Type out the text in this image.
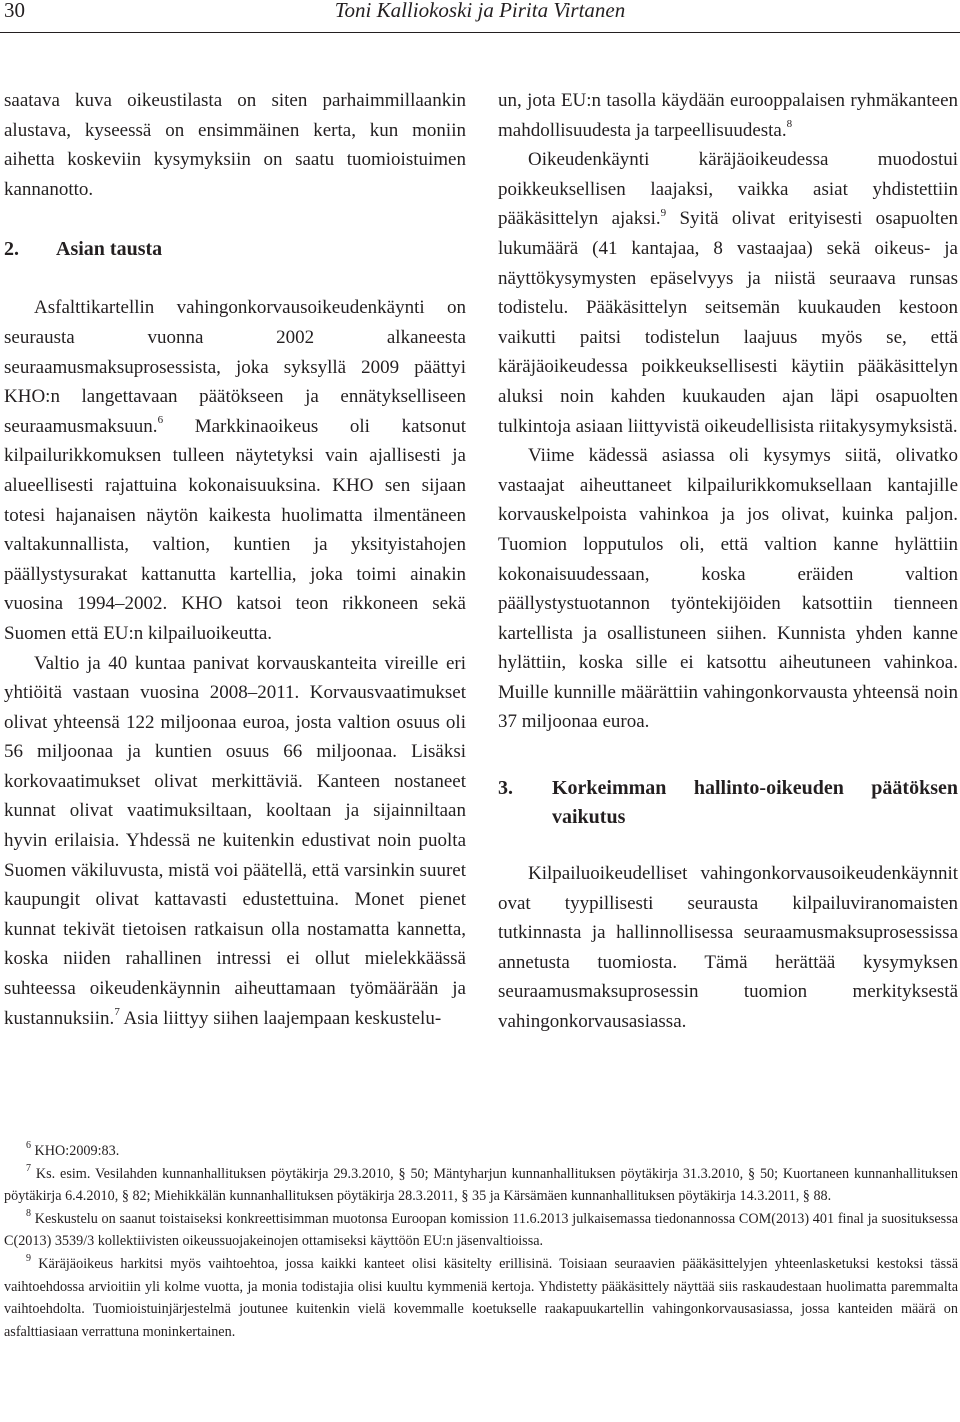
30	Toni Kalliokoski ja Pirita Virtanen

saatava kuva oikeustilasta on siten parhaimmillaankin alustava, kyseessä on ensimmäinen kerta, kun moniin aihetta koskeviin kysymyksiin on saatu tuomioistuimen kannanotto.

2. Asian tausta

Asfalttikartellin vahingonkorvausoikeudenkäynti on seurausta vuonna 2002 alkaneesta seuraamusmaksuprosessista, joka syksyllä 2009 päättyi KHO:n langettavaan päätökseen ja ennätykselliseen seuraamusmaksuun.$^6$ Markkinaoikeus oli katsonut kilpailurikkomuksen tulleen näytetyksi vain ajallisesti ja alueellisesti rajattuina kokonaisuuksina. KHO sen sijaan totesi hajanaisen näytön kaikesta huolimatta ilmentäneen valtakunnallista, valtion, kuntien ja yksityistahojen päällystysurakat kattanutta kartellia, joka toimi ainakin vuosina 1994–2002. KHO katsoi teon rikkoneen sekä Suomen että EU:n kilpailuoikeutta.

Valtio ja 40 kuntaa panivat korvauskanteita vireille eri yhtiöitä vastaan vuosina 2008–2011. Korvausvaatimukset olivat yhteensä 122 miljoonaa euroa, josta valtion osuus oli 56 miljoonaa ja kuntien osuus 66 miljoonaa. Lisäksi korkovaatimukset olivat merkittäviä. Kanteen nostaneet kunnat olivat vaatimuksiltaan, kooltaan ja sijainniltaan hyvin erilaisia. Yhdessä ne kuitenkin edustivat noin puolta Suomen väkiluvusta, mistä voi päätellä, että varsinkin suuret kaupungit olivat kattavasti edustettuina. Monet pienet kunnat tekivät tietoisen ratkaisun olla nostamatta kannetta, koska niiden rahallinen intressi ei ollut mielekkäässä suhteessa oikeudenkäynnin aiheuttamaan työmäärään ja kustannuksiin.$^7$ Asia liittyy siihen laajempaan keskustelu-

un, jota EU:n tasolla käydään eurooppalaisen ryhmäkanteen mahdollisuudesta ja tarpeellisuudesta.$^8$

Oikeudenkäynti käräjäoikeudessa muodostui poikkeuksellisen laajaksi, vaikka asiat yhdistettiin pääkäsittelyn ajaksi.$^9$ Syitä olivat erityisesti osapuolten lukumäärä (41 kantajaa, 8 vastaajaa) sekä oikeus- ja näyttökysymysten epäselvyys ja niistä seuraava runsas todistelu. Pääkäsittelyn seitsemän kuukauden kestoon vaikutti paitsi todistelun laajuus myös se, että käräjäoikeudessa poikkeuksellisesti käytiin pääkäsittelyn aluksi noin kahden kuukauden ajan läpi osapuolten tulkintoja asiaan liittyvistä oikeudellisista riitakysymyksistä.

Viime kädessä asiassa oli kysymys siitä, olivatko vastaajat aiheuttaneet kilpailurikkomuksellaan kantajille korvauskelpoista vahinkoa ja jos olivat, kuinka paljon. Tuomion lopputulos oli, että valtion kanne hylättiin kokonaisuudessaan, koska eräiden valtion päällystystuotannon työntekijöiden katsottiin tienneen kartellista ja osallistuneen siihen. Kunnista yhden kanne hylättiin, koska sille ei katsottu aiheutuneen vahinkoa. Muille kunnille määrättiin vahingonkorvausta yhteensä noin 37 miljoonaa euroa.

3.	Korkeimman hallinto-oikeuden päätöksen vaikutus

Kilpailuoikeudelliset vahingonkorvausoikeudenkäynnit ovat tyypillisesti seurausta kilpailuviranomaisten tutkinnasta ja hallinnollisessa seuraamusmaksuprosessissa annetusta tuomiosta. Tämä herättää kysymyksen seuraamusmaksuprosessin tuomion merkityksestä vahingonkorvausasiassa.

$^6$ KHO:2009:83.

$^7$ Ks. esim. Vesilahden kunnanhallituksen pöytäkirja 29.3.2010, § 50; Mäntyharjun kunnanhallituksen pöytäkirja 31.3.2010, § 50; Kuortaneen kunnanhallituksen pöytäkirja 6.4.2010, § 82; Miehikkälän kunnanhallituksen pöytäkirja 28.3.2011, § 35 ja Kärsämäen kunnanhallituksen pöytäkirja 14.3.2011, § 88.

$^8$ Keskustelu on saanut toistaiseksi konkreettisimman muotonsa Euroopan komission 11.6.2013 julkaisemassa tiedonannossa COM(2013) 401 final ja suosituksessa C(2013) 3539/3 kollektiivisten oikeussuojakeinojen ottamiseksi käyttöön EU:n jäsenvaltioissa.

$^9$ Käräjäoikeus harkitsi myös vaihtoehtoa, jossa kaikki kanteet olisi käsitelty erillisinä. Toisiaan seuraavien pääkäsittelyjen yhteenlasketuksi kestoksi tässä vaihtoehdossa arvioitiin yli kolme vuotta, ja monia todistajia olisi kuultu kymmeniä kertoja. Yhdistetty pääkäsittely näyttää siis raskaudestaan huolimatta paremmalta vaihtoehdolta. Tuomioistuinjärjestelmä joutunee kuitenkin vielä kovemmalle koetukselle raakapuukartellin vahingonkorvausasiassa, jossa kanteiden määrä on asfalttiasiaan verrattuna moninkertainen.
